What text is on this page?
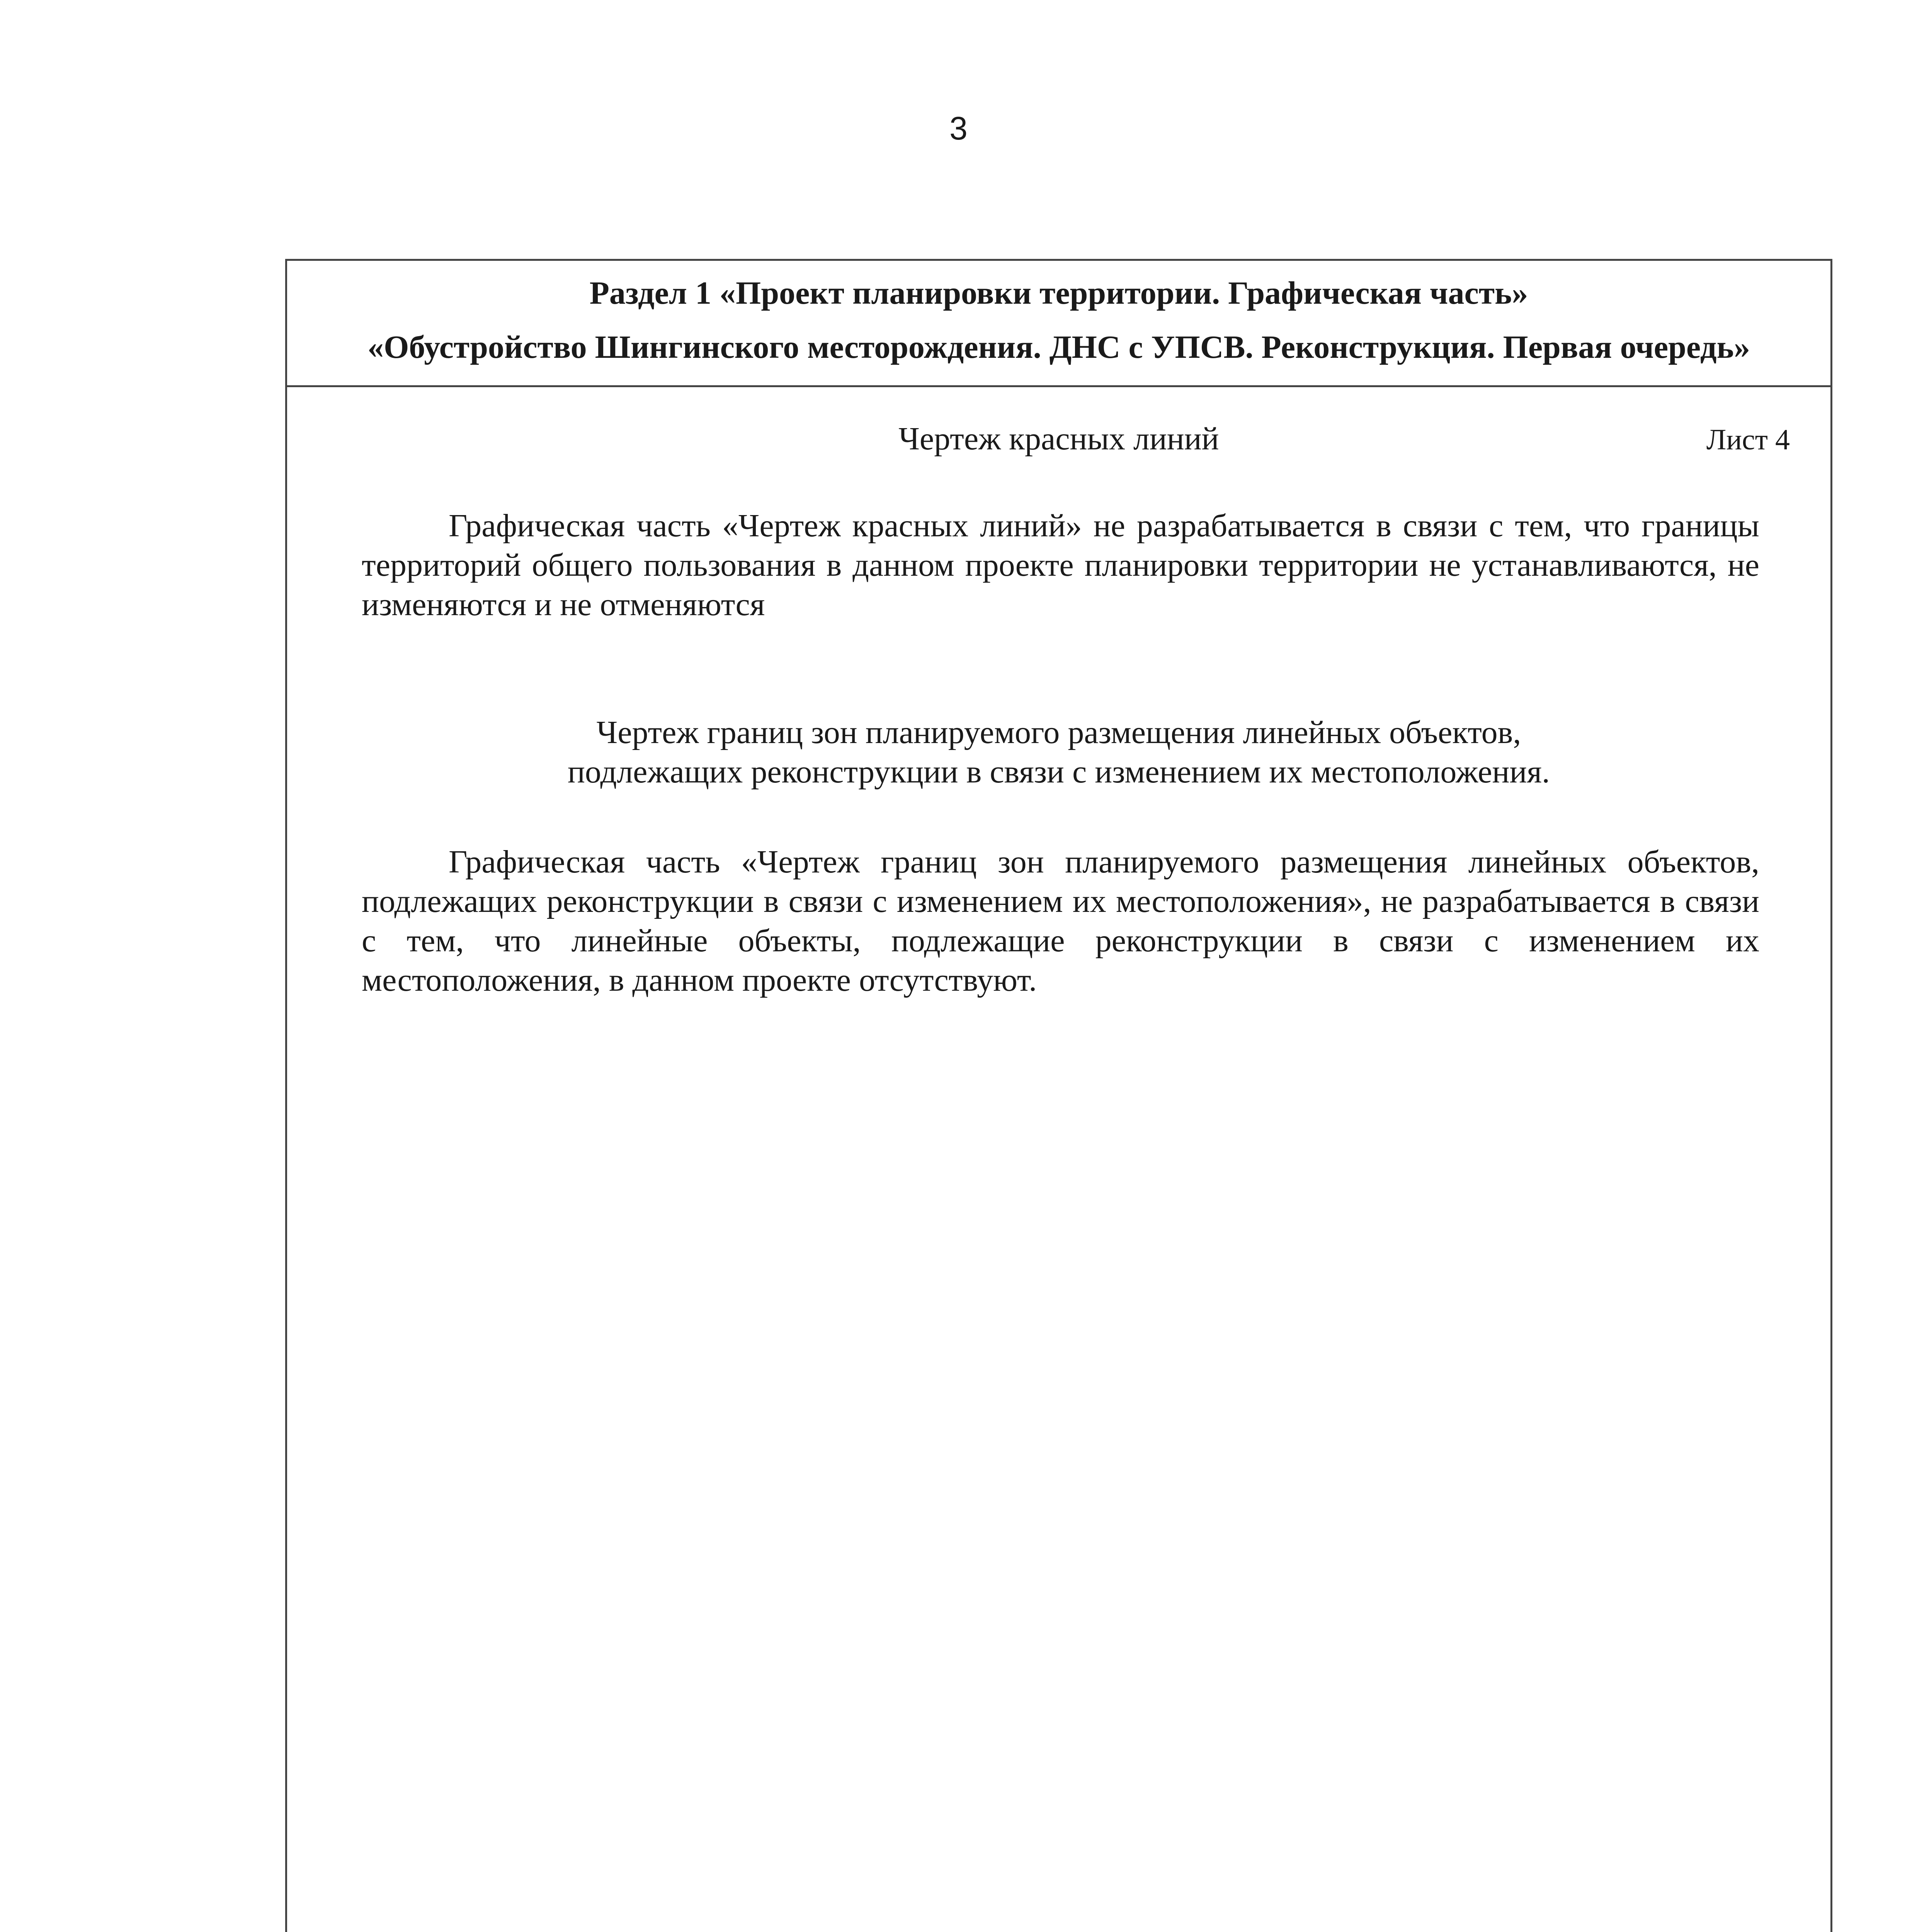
3
Раздел 1 «Проект планировки территории. Графическая часть»
«Обустройство Шингинского месторождения. ДНС с УПСВ. Реконструкция. Первая очередь»
Чертеж красных линий	Лист 4
Графическая часть «Чертеж красных линий» не разрабатывается в связи с тем, что границы территорий общего пользования в данном проекте планировки территории не устанавливаются, не изменяются и не отменяются
Чертеж границ зон планируемого размещения линейных объектов,
подлежащих реконструкции в связи с изменением их местоположения.
Графическая часть «Чертеж границ зон планируемого размещения линейных объектов, подлежащих реконструкции в связи с изменением их местоположения», не разрабатывается в связи с тем, что линейные объекты, подлежащие реконструкции в связи с изменением их местоположения, в данном проекте отсутствуют.
